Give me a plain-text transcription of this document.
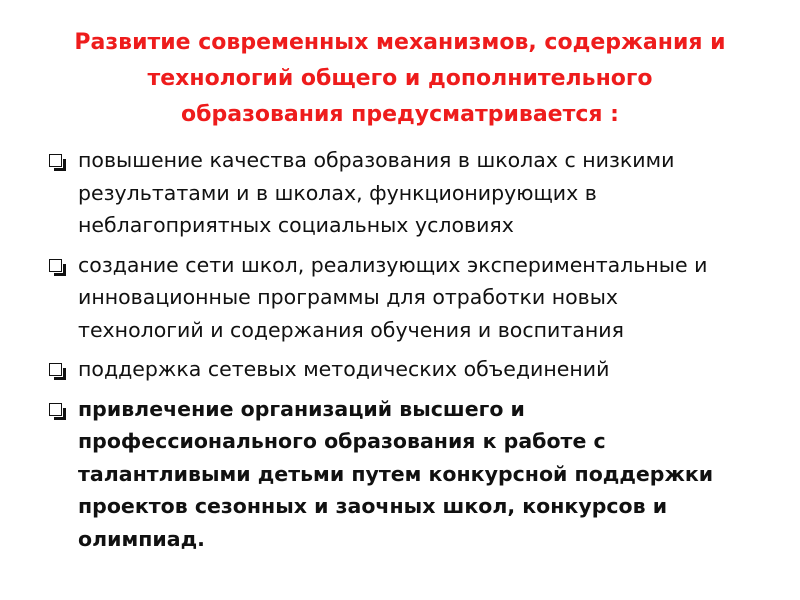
Развитие современных механизмов, содержания и
технологий общего и дополнительного
образования предусматривается :
повышение качества образования в школах с низкими
результатами и в школах, функционирующих в
неблагоприятных социальных условиях
создание сети школ, реализующих экспериментальные и
инновационные программы для отработки новых
технологий и содержания обучения и воспитания
поддержка сетевых методических объединений
привлечение организаций высшего и
профессионального образования к работе с
талантливыми детьми путем конкурсной поддержки
проектов сезонных и заочных школ, конкурсов и
олимпиад.
